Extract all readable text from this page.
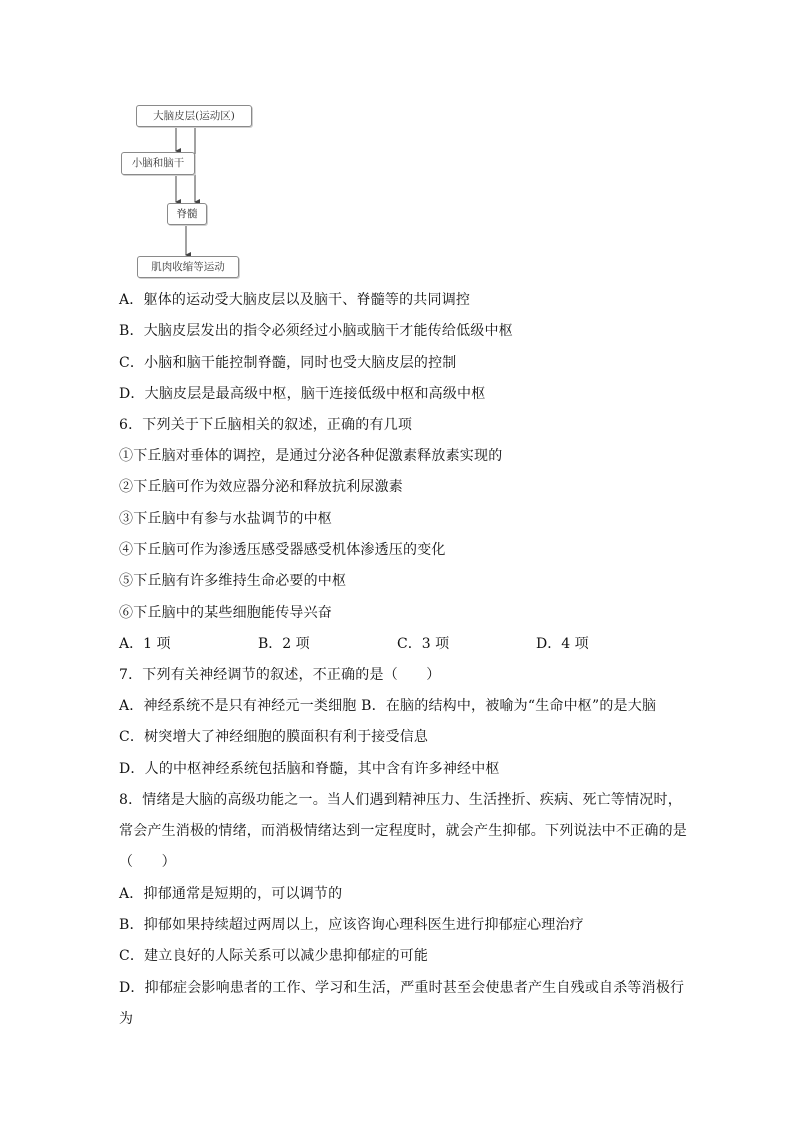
大脑皮层(运动区)
小脑和脑干
脊髓
肌肉收缩等运动
A．躯体的运动受大脑皮层以及脑干、脊髓等的共同调控
B．大脑皮层发出的指令必须经过小脑或脑干才能传给低级中枢
C．小脑和脑干能控制脊髓，同时也受大脑皮层的控制
D．大脑皮层是最高级中枢，脑干连接低级中枢和高级中枢
6．下列关于下丘脑相关的叙述，正确的有几项
①下丘脑对垂体的调控，是通过分泌各种促激素释放素实现的
②下丘脑可作为效应器分泌和释放抗利尿激素
③下丘脑中有参与水盐调节的中枢
④下丘脑可作为渗透压感受器感受机体渗透压的变化
⑤下丘脑有许多维持生命必要的中枢
⑥下丘脑中的某些细胞能传导兴奋
A．1 项	B．2 项	C．3 项	D．4 项
7．下列有关神经调节的叙述，不正确的是（　　）
A．神经系统不是只有神经元一类细胞 B．在脑的结构中，被喻为“生命中枢”的是大脑
C．树突增大了神经细胞的膜面积有利于接受信息
D．人的中枢神经系统包括脑和脊髓，其中含有许多神经中枢
8．情绪是大脑的高级功能之一。当人们遇到精神压力、生活挫折、疾病、死亡等情况时，
常会产生消极的情绪，而消极情绪达到一定程度时，就会产生抑郁。下列说法中不正确的是
（　　）
A．抑郁通常是短期的，可以调节的
B．抑郁如果持续超过两周以上，应该咨询心理科医生进行抑郁症心理治疗
C．建立良好的人际关系可以减少患抑郁症的可能
D．抑郁症会影响患者的工作、学习和生活，严重时甚至会使患者产生自残或自杀等消极行
为
